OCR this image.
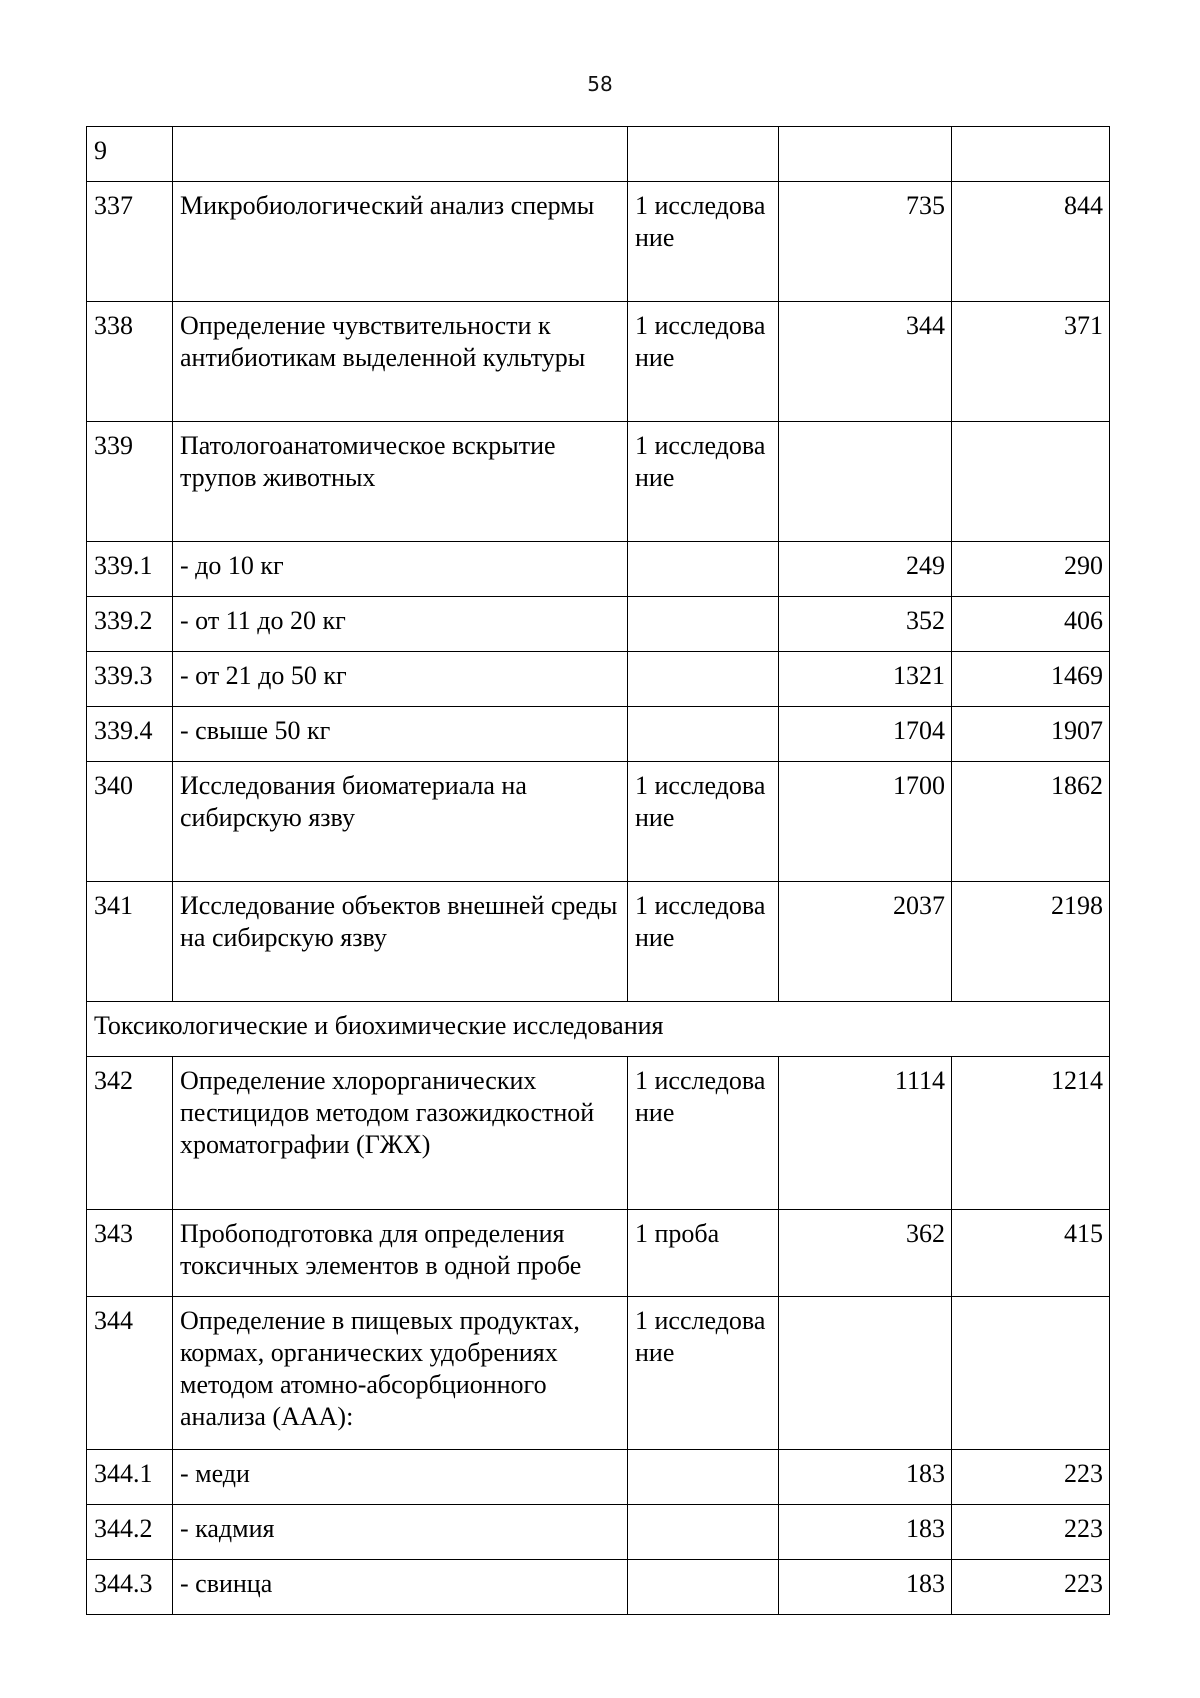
58
9				
337	Микробиологический анализ спермы	1 исследование	735	844
338	Определение чувствительности к антибиотикам выделенной культуры	1 исследование	344	371
339	Патологоанатомическое вскрытие трупов животных	1 исследование		
339.1	- до 10 кг		249	290
339.2	- от 11 до 20 кг		352	406
339.3	- от 21 до 50 кг		1321	1469
339.4	- свыше 50 кг		1704	1907
340	Исследования биоматериала на сибирскую язву	1 исследование	1700	1862
341	Исследование объектов внешней среды на сибирскую язву	1 исследование	2037	2198
Токсикологические и биохимические исследования				
342	Определение хлорорганических пестицидов методом газожидкостной хроматографии (ГЖХ)	1 исследование	1114	1214
343	Пробоподготовка для определения токсичных элементов в одной пробе	1 проба	362	415
344	Определение в пищевых продуктах, кормах, органических удобрениях методом атомно-абсорбционного анализа (ААА):	1 исследование		
344.1	- меди		183	223
344.2	- кадмия		183	223
344.3	- свинца		183	223
